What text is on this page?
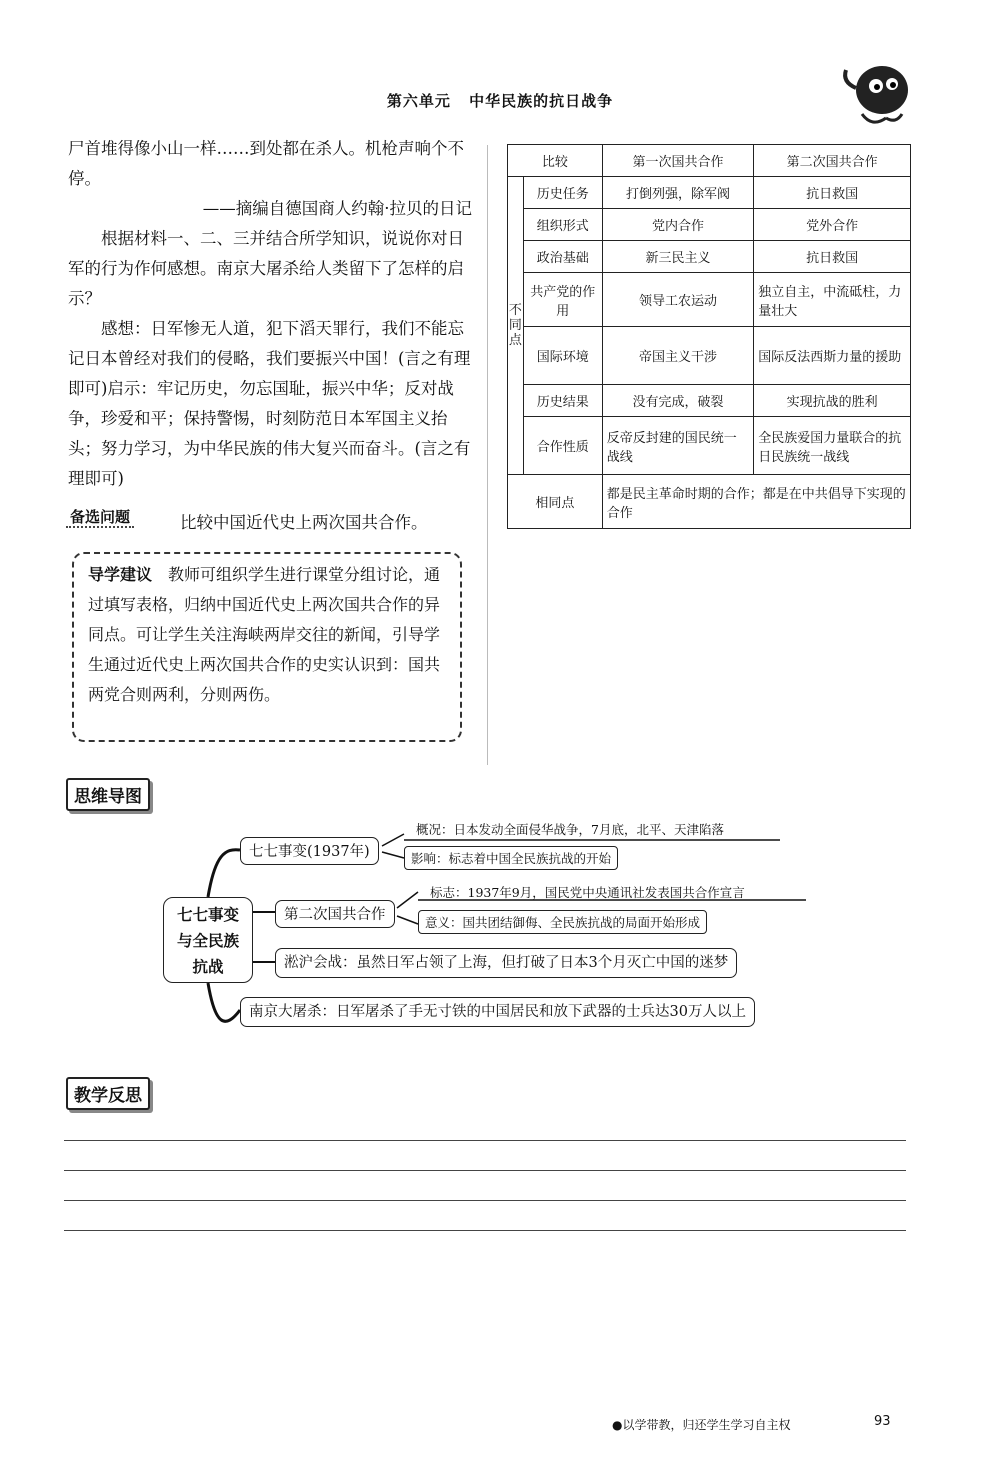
第六单元 中华民族的抗日战争

尸首堆得像小山一样……到处都在杀人。机枪声响个不停。

——摘编自德国商人约翰·拉贝的日记

根据材料一、二、三并结合所学知识，说说你对日军的行为作何感想。南京大屠杀给人类留下了怎样的启示？

感想：日军惨无人道，犯下滔天罪行，我们不能忘记日本曾经对我们的侵略，我们要振兴中国！(言之有理即可)启示：牢记历史，勿忘国耻，振兴中华；反对战争，珍爱和平；保持警惕，时刻防范日本军国主义抬头；努力学习，为中华民族的伟大复兴而奋斗。(言之有理即可)

备选问题	比较中国近代史上两次国共合作。
导学建议 教师可组织学生进行课堂分组讨论，通过填写表格，归纳中国近代史上两次国共合作的异同点。可让学生关注海峡两岸交往的新闻，引导学生通过近代史上两次国共合作的史实认识到：国共两党合则两利，分则两伤。
比较		第一次国共合作	第二次国共合作
不同点	历史任务	打倒列强，除军阀	抗日救国
	组织形式	党内合作	党外合作
	政治基础	新三民主义	抗日救国
	共产党的作用	领导工农运动	独立自主，中流砥柱，力量壮大
	国际环境	帝国主义干涉	国际反法西斯力量的援助
	历史结果	没有完成，破裂	实现抗战的胜利
	合作性质	反帝反封建的国民统一战线	全民族爱国力量联合的抗日民族统一战线
相同点		都是民主革命时期的合作；都是在中共倡导下实现的合作	
思维导图
七七事变
与全民族
抗战
七七事变(1937年)
概况：日本发动全面侵华战争，7月底，北平、天津陷落
影响：标志着中国全民族抗战的开始
第二次国共合作
标志：1937年9月，国民党中央通讯社发表国共合作宣言
意义：国共团结御侮、全民族抗战的局面开始形成
淞沪会战：虽然日军占领了上海，但打破了日本3个月灭亡中国的迷梦
南京大屠杀：日军屠杀了手无寸铁的中国居民和放下武器的士兵达30万人以上
教学反思
●以学带教，归还学生学习自主权	93
